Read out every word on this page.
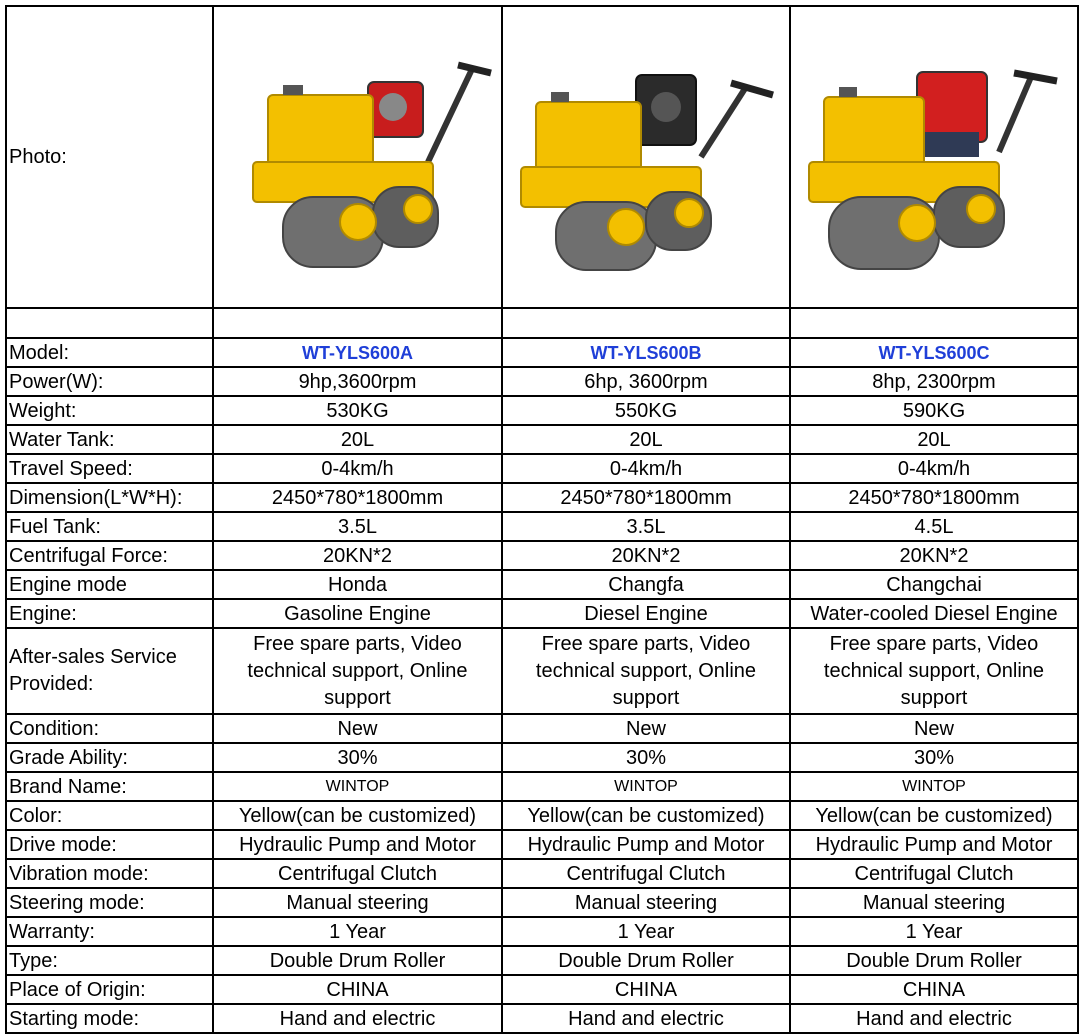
Photo:	

Model:	WT-YLS600A	WT-YLS600B	WT-YLS600C
Power(W):	9hp,3600rpm	6hp, 3600rpm	8hp, 2300rpm
Weight:	530KG	550KG	590KG
Water Tank:	20L	20L	20L
Travel Speed:	0-4km/h	0-4km/h	0-4km/h
Dimension(L*W*H):	2450*780*1800mm	2450*780*1800mm	2450*780*1800mm
Fuel Tank:	3.5L	3.5L	4.5L
Centrifugal Force:	20KN*2	20KN*2	20KN*2
Engine mode	Honda	Changfa	Changchai
Engine:	Gasoline Engine	Diesel Engine	Water-cooled Diesel Engine
After-sales Service Provided:	Free spare parts, Video technical support, Online support	Free spare parts, Video technical support, Online support	Free spare parts, Video technical support, Online support
Condition:	New	New	New
Grade Ability:	30%	30%	30%
Brand Name:	WINTOP	WINTOP	WINTOP
Color:	Yellow(can be customized)	Yellow(can be customized)	Yellow(can be customized)
Drive mode:	Hydraulic Pump and Motor	Hydraulic Pump and Motor	Hydraulic Pump and Motor
Vibration mode:	Centrifugal Clutch	Centrifugal Clutch	Centrifugal Clutch
Steering mode:	Manual steering	Manual steering	Manual steering
Warranty:	1 Year	1 Year	1 Year
Type:	Double Drum Roller	Double Drum Roller	Double Drum Roller
Place of Origin:	CHINA	CHINA	CHINA
Starting mode:	Hand and electric	Hand and electric	Hand and electric
